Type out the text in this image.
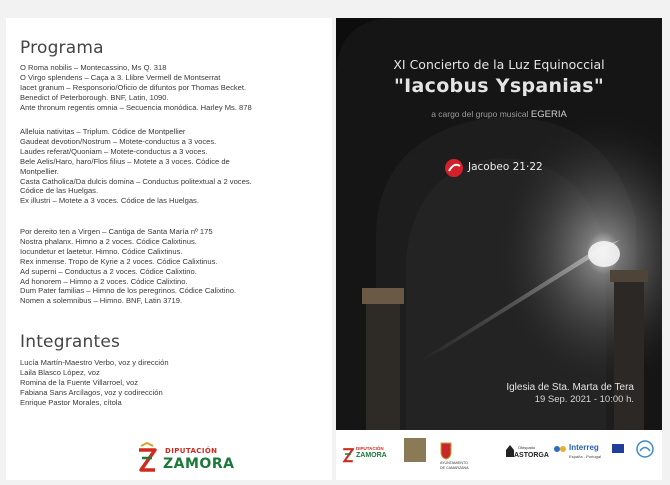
Programa
O Roma nobilis – Montecassino, Ms Q. 318
O Virgo splendens – Caça a 3. Llibre Vermell de Montserrat
Iacet granum – Responsorio/Oficio de difuntos por Thomas Becket.
Benedict of Peterborough. BNF, Latin, 1090.
Ante thronum regentis omnia – Secuencia monódica. Harley Ms. 878
Alleluia nativitas – Triplum. Códice de Montpellier
Gaudeat devotion/Nostrum – Motete-conductus a 3 voces.
Laudes referat/Quoniam – Motete-conductus a 3 voces.
Bele Aelis/Haro, haro/Flos filius – Motete a 3 voces. Códice de
Montpellier.
Casta Catholica/Da dulcis domina – Conductus politextual a 2 voces.
Códice de las Huelgas.
Ex illustri – Motete a 3 voces. Códice de las Huelgas.
Por dereito ten a Virgen – Cantiga de Santa María nº 175
Nostra phalanx. Himno a 2 voces. Códice Calixtinus.
Iocundetur et laetetur. Himno. Códice Calixtinus.
Rex inmense. Tropo de Kyrie a 2 voces. Códice Calixtinus.
Ad superni – Conductus a 2 voces. Códice Calixtino.
Ad honorem – Himno a 2 voces. Códice Calixtino.
Dum Pater familias – Himno de los peregrinos. Códice Calixtino.
Nomen a solemnibus – Himno. BNF, Latin 3719.
Integrantes
Lucía Martín-Maestro Verbo, voz y dirección
Laila Blasco López, voz
Romina de la Fuente Villarroel, voz
Fabiana Sans Arcílagos, voz y codirección
Enrique Pastor Morales, cítola
DIPUTACIÓN
ZAMORA
XI Concierto de la Luz Equinoccial
"Iacobus Yspanias"
a cargo del grupo musical EGERIA
Jacobeo 21·22
Iglesia de Sta. Marta de Tera
19 Sep. 2021 - 10:00 h.
DIPUTACIÓN
ZAMORA
AYUNTAMIENTO
DE CAMARZANA
Obispado
ASTORGA
Interreg
España - Portugal
